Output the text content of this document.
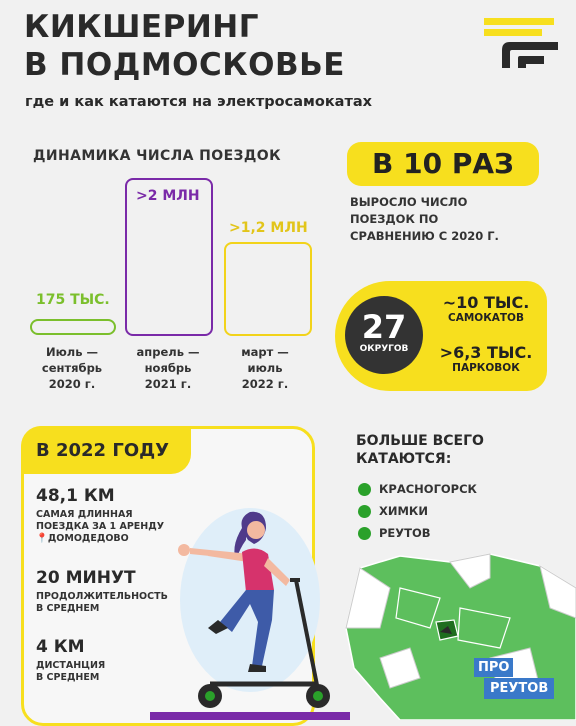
КИКШЕРИНГ
В ПОДМОСКОВЬЕ
где и как катаются на электросамокатах
ДИНАМИКА ЧИСЛА ПОЕЗДОК
175 ТЫС.
Июль —
сентябрь
2020 г.
>2 МЛН
апрель —
ноябрь
2021 г.
>1,2 МЛН
март —
июль
2022 г.
В 10 РАЗ
ВЫРОСЛО ЧИСЛО
ПОЕЗДОК ПО
СРАВНЕНИЮ С 2020 Г.
27
ОКРУГОВ
~10 ТЫС.
САМОКАТОВ
>6,3 ТЫС.
ПАРКОВОК
В 2022 ГОДУ
48,1 КМ
САМАЯ ДЛИННАЯ
ПОЕЗДКА ЗА 1 АРЕНДУ
📍ДОМОДЕДОВО
20 МИНУТ
ПРОДОЛЖИТЕЛЬНОСТЬ
В СРЕДНЕМ
4 КМ
ДИСТАНЦИЯ
В СРЕДНЕМ
БОЛЬШЕ ВСЕГО
КАТАЮТСЯ:
КРАСНОГОРСК
ХИМКИ
РЕУТОВ
ПРО
РЕУТОВ
